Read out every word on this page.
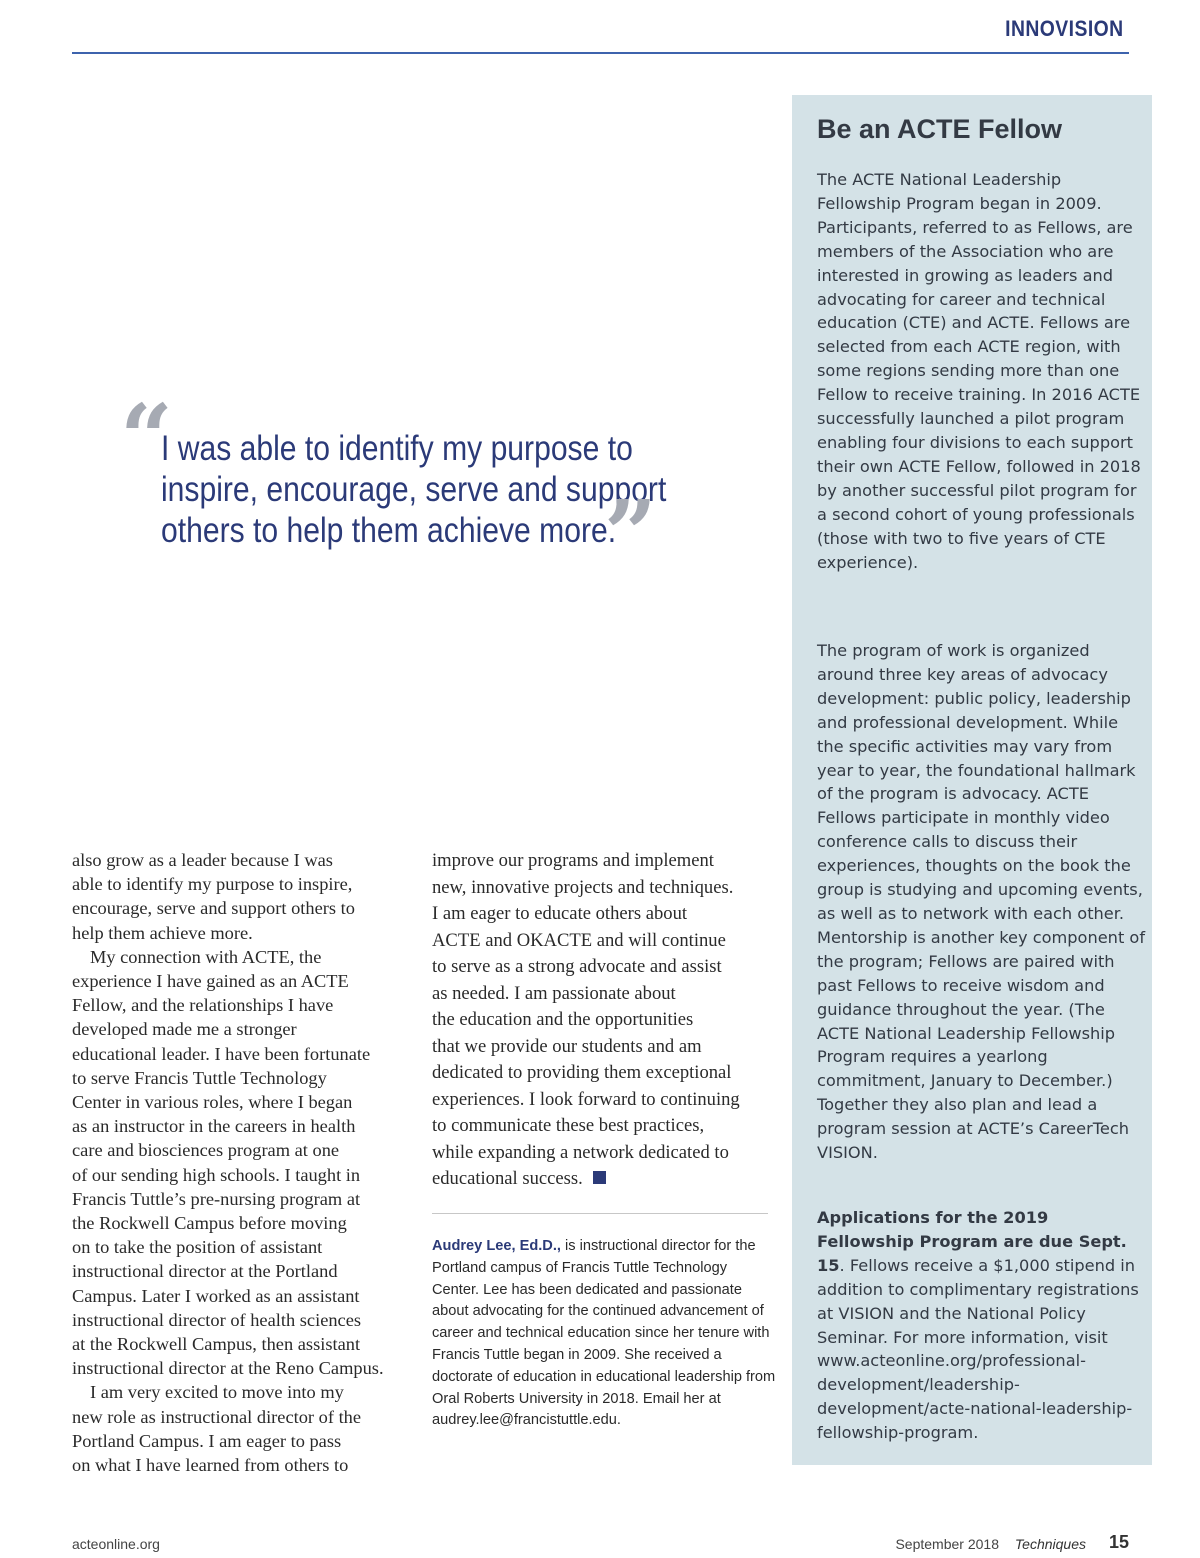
INNOVISION
“
I was able to identify my purpose to
inspire, encourage, serve and support
others to help them achieve more.
”

also grow as a leader because I was
able to identify my purpose to inspire,
encourage, serve and support others to
help them achieve more.

My connection with ACTE, the
experience I have gained as an ACTE
Fellow, and the relationships I have
developed made me a stronger
educational leader. I have been fortunate
to serve Francis Tuttle Technology
Center in various roles, where I began
as an instructor in the careers in health
care and biosciences program at one
of our sending high schools. I taught in
Francis Tuttle’s pre-nursing program at
the Rockwell Campus before moving
on to take the position of assistant
instructional director at the Portland
Campus. Later I worked as an assistant
instructional director of health sciences
at the Rockwell Campus, then assistant
instructional director at the Reno Campus.

I am very excited to move into my
new role as instructional director of the
Portland Campus. I am eager to pass
on what I have learned from others to

improve our programs and implement
new, innovative projects and techniques.
I am eager to educate others about
ACTE and OKACTE and will continue
to serve as a strong advocate and assist
as needed. I am passionate about
the education and the opportunities
that we provide our students and am
dedicated to providing them exceptional
experiences. I look forward to continuing
to communicate these best practices,
while expanding a network dedicated to
educational success.
Audrey Lee, Ed.D., is instructional director for the Portland campus of Francis Tuttle Technology Center. Lee has been dedicated and passionate about advocating for the continued advancement of career and technical education since her tenure with Francis Tuttle began in 2009. She received a doctorate of education in educational leadership from Oral Roberts University in 2018. Email her at audrey.lee@francistuttle.edu.
Be an ACTE Fellow
The ACTE National Leadership Fellowship Program began in 2009. Participants, referred to as Fellows, are members of the Association who are interested in growing as leaders and advocating for career and technical education (CTE) and ACTE. Fellows are selected from each ACTE region, with some regions sending more than one Fellow to receive training. In 2016 ACTE successfully launched a pilot program enabling four divisions to each support their own ACTE Fellow, followed in 2018 by another successful pilot program for a second cohort of young professionals (those with two to five years of CTE experience).
The program of work is organized around three key areas of advocacy development: public policy, leadership and professional development. While the specific activities may vary from year to year, the foundational hallmark of the program is advocacy. ACTE Fellows participate in monthly video conference calls to discuss their experiences, thoughts on the book the group is studying and upcoming events, as well as to network with each other. Mentorship is another key component of the program; Fellows are paired with past Fellows to receive wisdom and guidance throughout the year. (The ACTE National Leadership Fellowship Program requires a yearlong commitment, January to December.) Together they also plan and lead a program session at ACTE’s CareerTech VISION.
Applications for the 2019 Fellowship Program are due Sept. 15. Fellows receive a $1,000 stipend in addition to complimentary registrations at VISION and the National Policy Seminar. For more information, visit www.acteonline.org/professional-development/leadership-development/acte-national-leadership-fellowship-program.
acteonline.org	September 2018 Techniques 15
